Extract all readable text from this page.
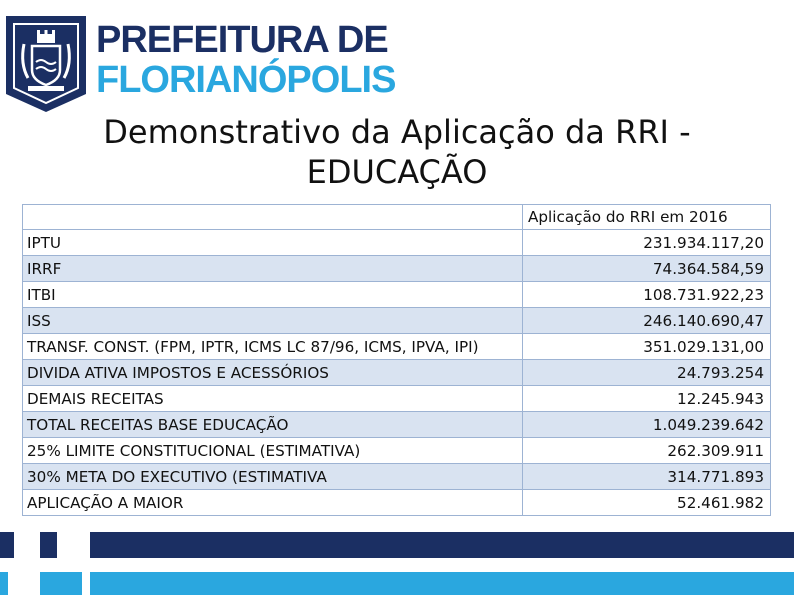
PREFEITURA DE
FLORIANÓPOLIS
Demonstrativo da Aplicação da RRI -
EDUCAÇÃO
	Aplicação do RRI em 2016
IPTU	231.934.117,20
IRRF	74.364.584,59
ITBI	108.731.922,23
ISS	246.140.690,47
TRANSF. CONST. (FPM, IPTR, ICMS LC 87/96, ICMS, IPVA, IPI)	351.029.131,00
DIVIDA ATIVA IMPOSTOS E ACESSÓRIOS	24.793.254
DEMAIS RECEITAS	12.245.943
TOTAL RECEITAS BASE EDUCAÇÃO	1.049.239.642
25% LIMITE CONSTITUCIONAL (ESTIMATIVA)	262.309.911
30% META DO EXECUTIVO (ESTIMATIVA	314.771.893
APLICAÇÃO A MAIOR	52.461.982
